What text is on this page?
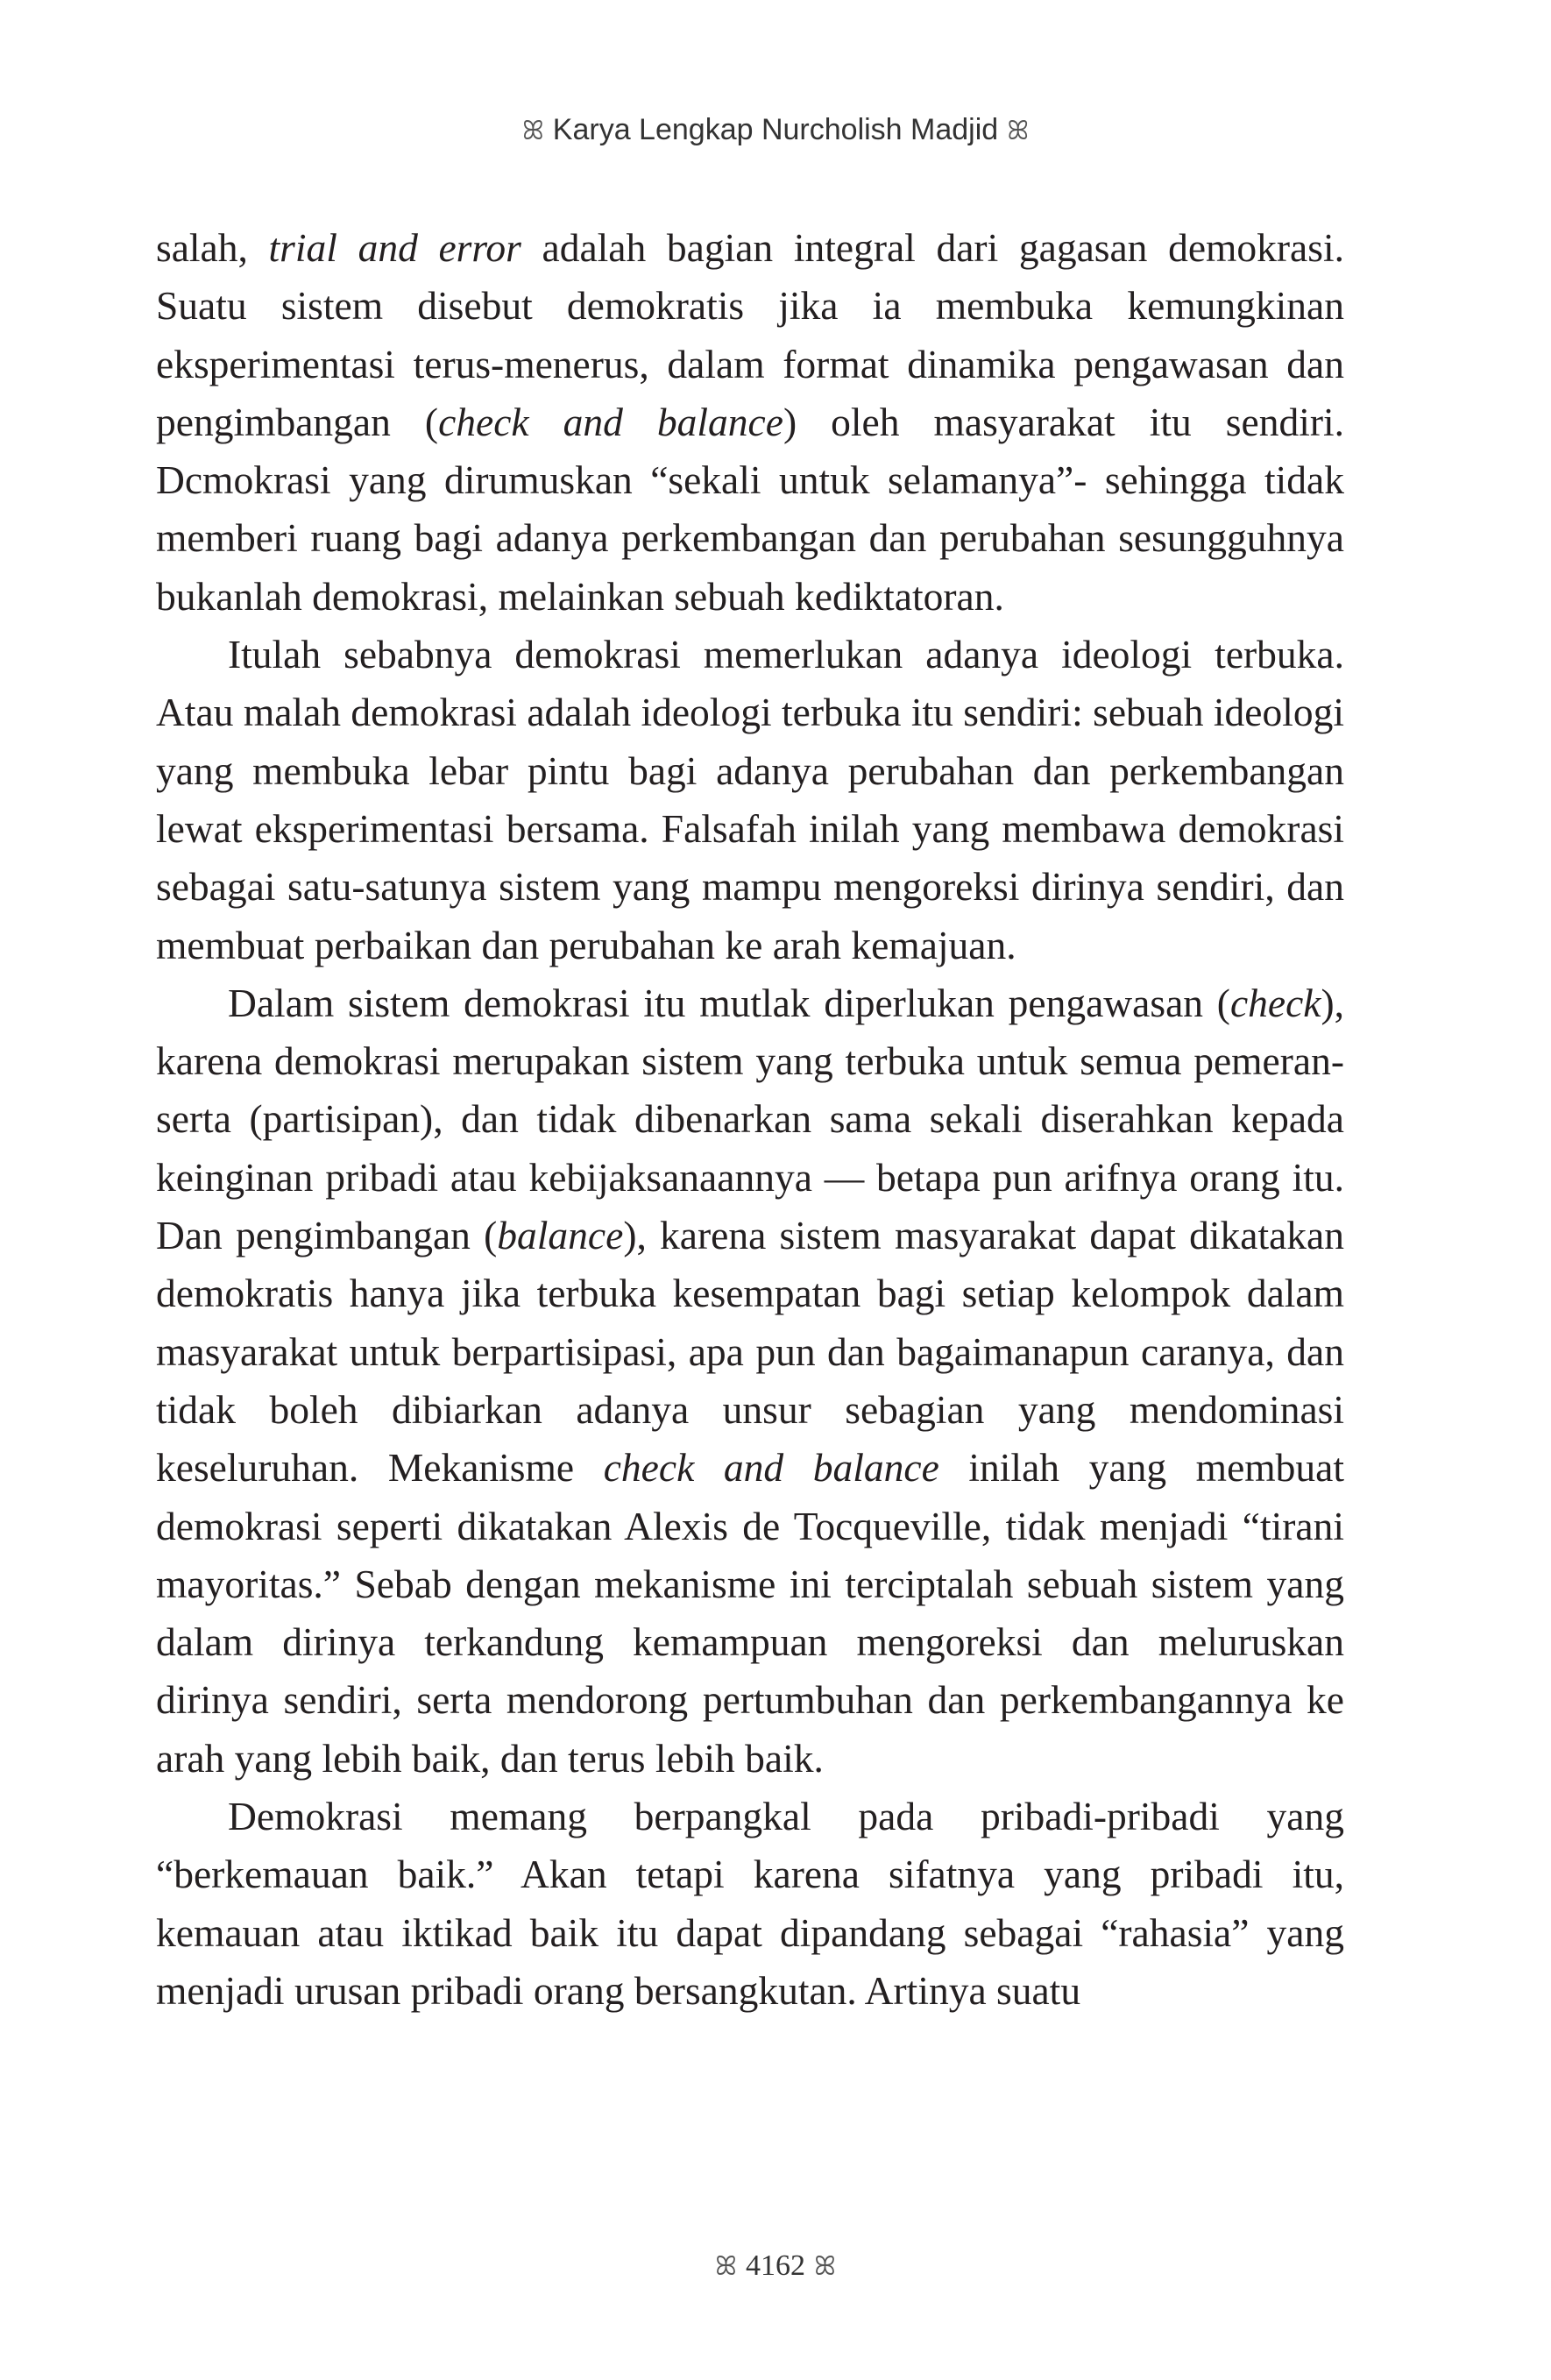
ꕤ Karya Lengkap Nurcholish Madjid ꕤ

salah, trial and error adalah bagian integral dari gagasan demokrasi. Suatu sistem disebut demokratis jika ia membuka kemungkinan eksperimentasi terus-menerus, dalam format dinamika pengawasan dan pengimbangan (check and balance) oleh masyarakat itu sendiri. Dcmokrasi yang dirumuskan “sekali untuk selamanya”- sehingga tidak memberi ruang bagi adanya perkembangan dan perubahan sesungguhnya bukanlah demokrasi, melainkan sebuah kediktatoran.

Itulah sebabnya demokrasi memerlukan adanya ideologi terbuka. Atau malah demokrasi adalah ideologi terbuka itu sendiri: sebuah ideologi yang membuka lebar pintu bagi adanya perubahan dan perkembangan lewat eksperimentasi bersama. Falsafah inilah yang membawa demokrasi sebagai satu-satunya sistem yang mampu mengoreksi dirinya sendiri, dan membuat perbaikan dan perubahan ke arah kemajuan.

Dalam sistem demokrasi itu mutlak diperlukan pengawasan (check), karena demokrasi merupakan sistem yang terbuka untuk semua pemeran-serta (partisipan), dan tidak dibenarkan sama sekali diserahkan kepada keinginan pribadi atau kebijaksanaannya — betapa pun arifnya orang itu. Dan pengimbangan (balance), karena sistem masyarakat dapat dikatakan demokratis hanya jika terbuka kesempatan bagi setiap kelompok dalam masyarakat untuk berpartisipasi, apa pun dan bagaimanapun caranya, dan tidak boleh dibiarkan adanya unsur sebagian yang mendominasi keseluruhan. Mekanisme check and balance inilah yang membuat demokrasi seperti dikatakan Alexis de Tocqueville, tidak menjadi “tirani mayoritas.” Sebab dengan mekanisme ini terciptalah sebuah sistem yang dalam dirinya terkandung kemampuan mengoreksi dan meluruskan dirinya sendiri, serta mendorong pertumbuhan dan perkembangannya ke arah yang lebih baik, dan terus lebih baik.

Demokrasi memang berpangkal pada pribadi-pribadi yang “berkemauan baik.” Akan tetapi karena sifatnya yang pribadi itu, kemauan atau iktikad baik itu dapat dipandang sebagai “rahasia” yang menjadi urusan pribadi orang bersangkutan. Artinya suatu

ꕤ 4162 ꕤ
